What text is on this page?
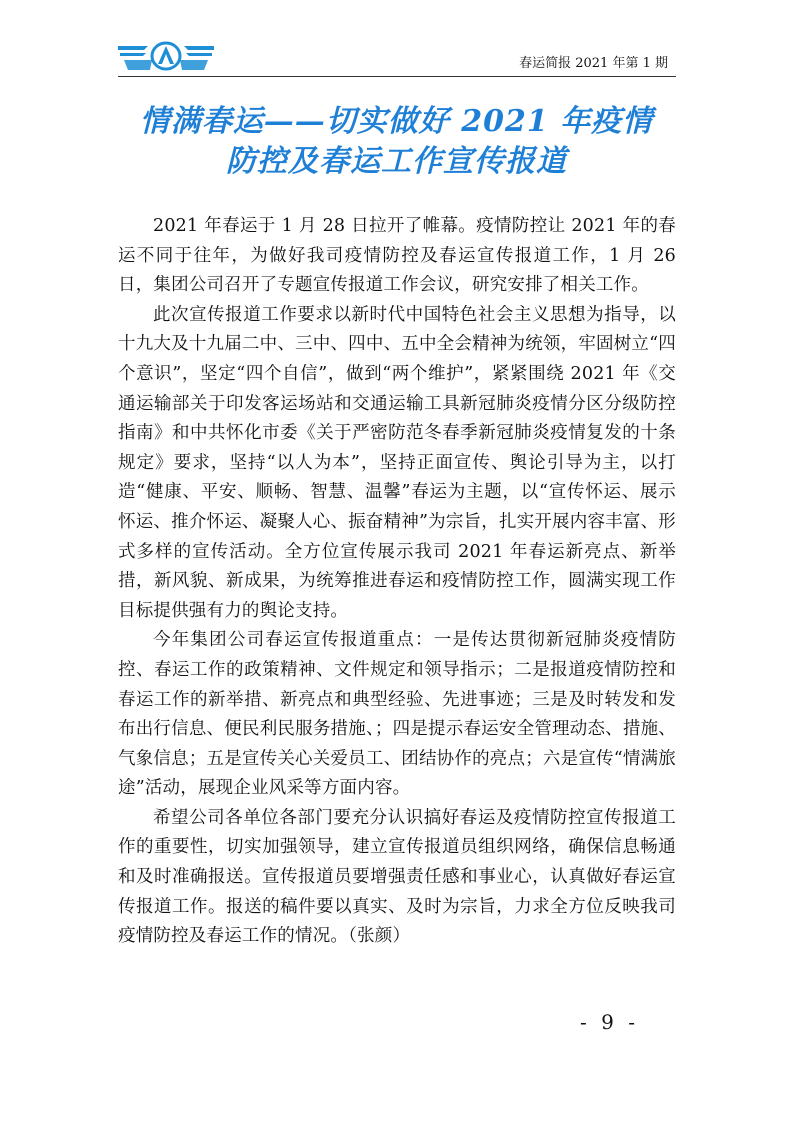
春运简报 2021 年第 1 期
情满春运——切实做好 2021 年疫情
防控及春运工作宣传报道

2021 年春运于 1 月 28 日拉开了帷幕。疫情防控让 2021 年的春运不同于往年，为做好我司疫情防控及春运宣传报道工作，1 月 26 日，集团公司召开了专题宣传报道工作会议，研究安排了相关工作。

此次宣传报道工作要求以新时代中国特色社会主义思想为指导，以十九大及十九届二中、三中、四中、五中全会精神为统领，牢固树立“四个意识”，坚定“四个自信”，做到“两个维护”，紧紧围绕 2021 年《交通运输部关于印发客运场站和交通运输工具新冠肺炎疫情分区分级防控指南》和中共怀化市委《关于严密防范冬春季新冠肺炎疫情复发的十条规定》要求，坚持“以人为本”，坚持正面宣传、舆论引导为主，以打造“健康、平安、顺畅、智慧、温馨”春运为主题，以“宣传怀运、展示怀运、推介怀运、凝聚人心、振奋精神”为宗旨，扎实开展内容丰富、形式多样的宣传活动。全方位宣传展示我司 2021 年春运新亮点、新举措，新风貌、新成果，为统筹推进春运和疫情防控工作，圆满实现工作目标提供强有力的舆论支持。

今年集团公司春运宣传报道重点：一是传达贯彻新冠肺炎疫情防控、春运工作的政策精神、文件规定和领导指示；二是报道疫情防控和春运工作的新举措、新亮点和典型经验、先进事迹；三是及时转发和发布出行信息、便民利民服务措施、；四是提示春运安全管理动态、措施、气象信息；五是宣传关心关爱员工、团结协作的亮点；六是宣传“情满旅途”活动，展现企业风采等方面内容。

希望公司各单位各部门要充分认识搞好春运及疫情防控宣传报道工作的重要性，切实加强领导，建立宣传报道员组织网络，确保信息畅通和及时准确报送。宣传报道员要增强责任感和事业心，认真做好春运宣传报道工作。报送的稿件要以真实、及时为宗旨，力求全方位反映我司疫情防控及春运工作的情况。（张颜）

- 9 -
